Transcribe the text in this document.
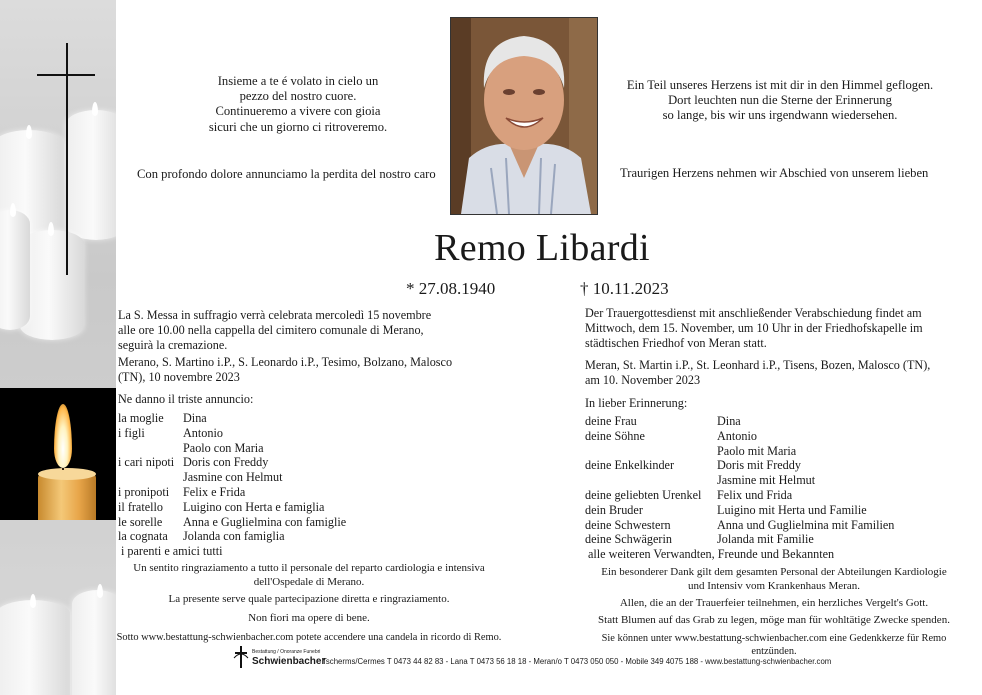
Insieme a te é volato in cielo un
pezzo del nostro cuore.
Continueremo a vivere con gioia
sicuri che un giorno ci ritroveremo.
Ein Teil unseres Herzens ist mit dir in den Himmel geflogen.
Dort leuchten nun die Sterne der Erinnerung
so lange, bis wir uns irgendwann wiedersehen.
Con profondo dolore annunciamo la perdita del nostro caro	Traurigen Herzens nehmen wir Abschied von unserem lieben
Remo Libardi
* 27.08.1940	† 10.11.2023
La S. Messa in suffragio verrà celebrata mercoledì 15 novembre
alle ore 10.00 nella cappella del cimitero comunale di Merano,
seguirà la cremazione.
Merano, S. Martino i.P., S. Leonardo i.P., Tesimo, Bolzano, Malosco
(TN), 10 novembre 2023
Ne danno il triste annuncio:
la moglie	Dina
i figli	Antonio
Paolo con Maria
i cari nipoti Doris con Freddy
Jasmine con Helmut
i pronipoti	Felix e Frida
il fratello	Luigino con Herta e famiglia
le sorelle	Anna e Guglielmina con famiglie
la cognata	Jolanda con famiglia
i parenti e amici tutti
Un sentito ringraziamento a tutto il personale del reparto cardiologia e intensiva
dell'Ospedale di Merano.
La presente serve quale partecipazione diretta e ringraziamento.
Non fiori ma opere di bene.
Sotto www.bestattung-schwienbacher.com potete accendere una candela in ricordo di Remo.
Der Trauergottesdienst mit anschließender Verabschiedung findet am
Mittwoch, dem 15. November, um 10 Uhr in der Friedhofskapelle im
städtischen Friedhof von Meran statt.
Meran, St. Martin i.P., St. Leonhard i.P., Tisens, Bozen, Malosco (TN),
am 10. November 2023
In lieber Erinnerung:
deine Frau	Dina
deine Söhne	Antonio
Paolo mit Maria
deine Enkelkinder	Doris mit Freddy
Jasmine mit Helmut
deine geliebten Urenkel	Felix und Frida
dein Bruder	Luigino mit Herta und Familie
deine Schwestern	Anna und Guglielmina mit Familien
deine Schwägerin	Jolanda mit Familie
alle weiteren Verwandten, Freunde und Bekannten
Ein besonderer Dank gilt dem gesamten Personal der Abteilungen Kardiologie
und Intensiv vom Krankenhaus Meran.
Allen, die an der Trauerfeier teilnehmen, ein herzliches Vergelt's Gott.
Statt Blumen auf das Grab zu legen, möge man für wohltätige Zwecke spenden.
Sie können unter www.bestattung-schwienbacher.com eine Gedenkkerze für Remo
entzünden.
Bestattung / Onoranze Funebri
Schwienbacher
Tscherms/Cermes T 0473 44 82 83 - Lana T 0473 56 18 18 - Meran/o T 0473 050 050 - Mobile 349 4075 188 - www.bestattung-schwienbacher.com
